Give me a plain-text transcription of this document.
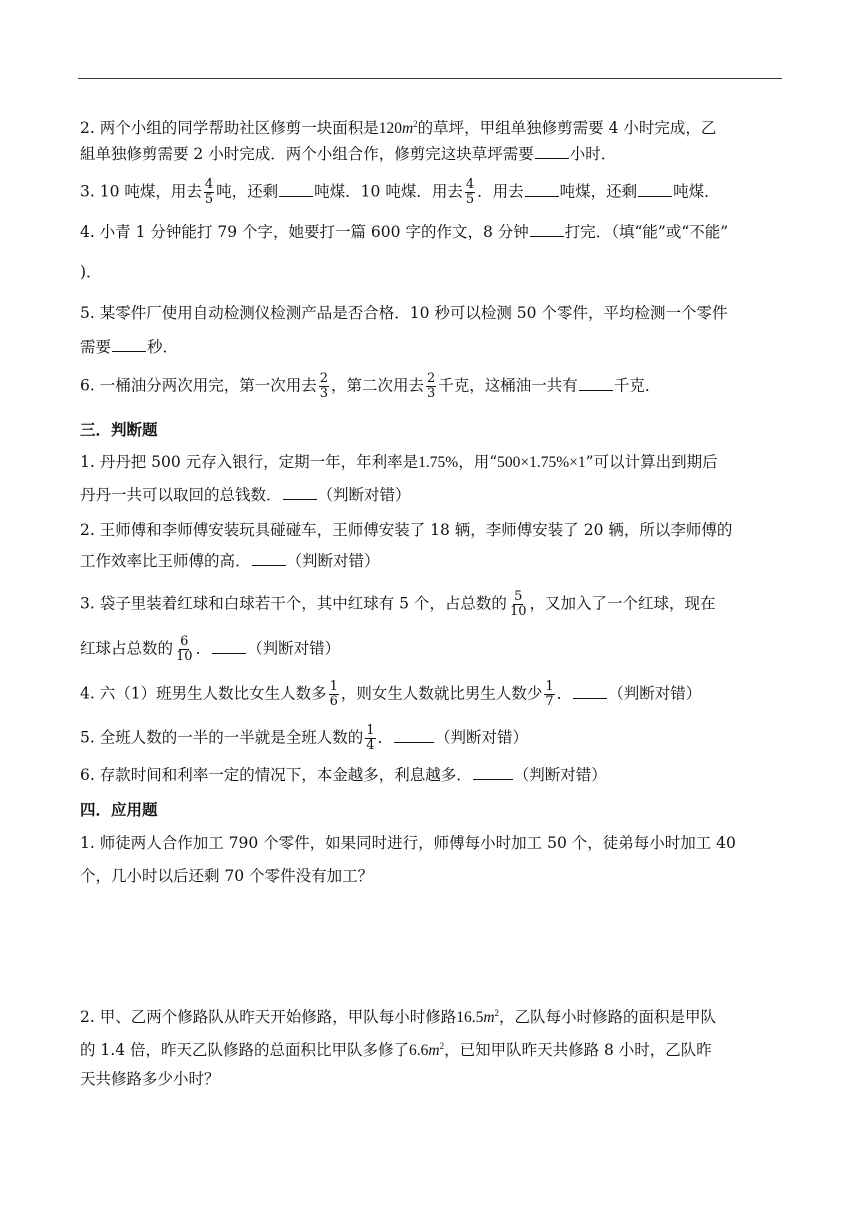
2. 两个小组的同学帮助社区修剪一块面积是$120m^2$的草坪，甲组单独修剪需要 4 小时完成，乙
組单独修剪需要 2 小时完成．两个小组合作，修剪完这块草坪需要 小时．
3. 10 吨煤，用去 $\frac{4}{5}$ 吨，还剩 吨煤．10 吨煤．用去 $\frac{4}{5}$ ．用去 吨煤，还剩 吨煤．
4. 小青 1 分钟能打 79 个字，她要打一篇 600 字的作文，8 分钟 打完．（填“能”或“不能”
)．
5. 某零件厂使用自动检测仪检测产品是否合格．10 秒可以检测 50 个零件，平均检测一个零件
需要 秒．
6. 一桶油分两次用完，第一次用去 $\frac{2}{3}$ ，第二次用去 $\frac{2}{3}$ 千克，这桶油一共有 千克．
三．判断题
1. 丹丹把 500 元存入银行，定期一年，年利率是1.75%，用“500×1.75%×1”可以计算出到期后
丹丹一共可以取回的总钱数． （判断对错）
2. 王师傅和李师傅安装玩具碰碰车，王师傅安装了 18 辆，李师傅安装了 20 辆，所以李师傅的
工作效率比王师傅的高． （判断对错）
3. 袋子里装着红球和白球若干个，其中红球有 5 个，占总数的 $\frac{5}{10}$ ，又加入了一个红球，现在
红球占总数的 $\frac{6}{10}$ ． （判断对错）
4. 六（1）班男生人数比女生人数多 $\frac{1}{6}$ ，则女生人数就比男生人数少 $\frac{1}{7}$ ． （判断对错）
5. 全班人数的一半的一半就是全班人数的 $\frac{1}{4}$ ．	（判断对错）
6. 存款时间和利率一定的情况下，本金越多，利息越多．	（判断对错）
四．应用题
1. 师徒两人合作加工 790 个零件，如果同时进行，师傅每小时加工 50 个，徒弟每小时加工 40
个，几小时以后还剩 70 个零件没有加工？
2. 甲、乙两个修路队从昨天开始修路，甲队每小时修路$16.5m^2$，乙队每小时修路的面积是甲队
的 1.4 倍，昨天乙队修路的总面积比甲队多修了$6.6m^2$，已知甲队昨天共修路 8 小时，乙队昨
天共修路多少小时？
